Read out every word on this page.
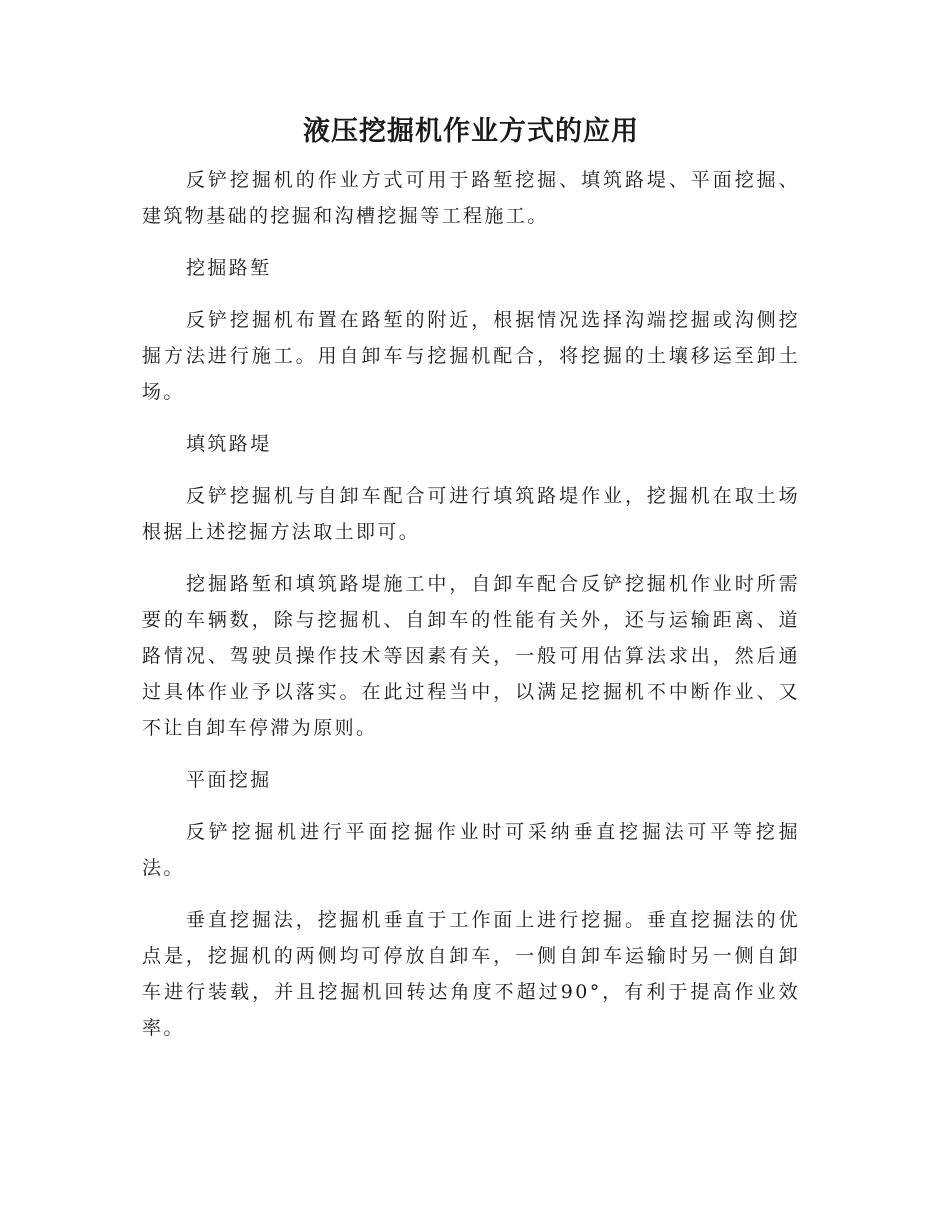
液压挖掘机作业方式的应用

反铲挖掘机的作业方式可用于路堑挖掘、填筑路堤、平面挖掘、建筑物基础的挖掘和沟槽挖掘等工程施工。

挖掘路堑

反铲挖掘机布置在路堑的附近，根据情况选择沟端挖掘或沟侧挖掘方法进行施工。用自卸车与挖掘机配合，将挖掘的土壤移运至卸土场。

填筑路堤

反铲挖掘机与自卸车配合可进行填筑路堤作业，挖掘机在取土场根据上述挖掘方法取土即可。

挖掘路堑和填筑路堤施工中，自卸车配合反铲挖掘机作业时所需要的车辆数，除与挖掘机、自卸车的性能有关外，还与运输距离、道路情况、驾驶员操作技术等因素有关，一般可用估算法求出，然后通过具体作业予以落实。在此过程当中，以满足挖掘机不中断作业、又不让自卸车停滞为原则。

平面挖掘

反铲挖掘机进行平面挖掘作业时可采纳垂直挖掘法可平等挖掘法。

垂直挖掘法，挖掘机垂直于工作面上进行挖掘。垂直挖掘法的优点是，挖掘机的两侧均可停放自卸车，一侧自卸车运输时另一侧自卸车进行装载，并且挖掘机回转达角度不超过90°，有利于提高作业效率。
